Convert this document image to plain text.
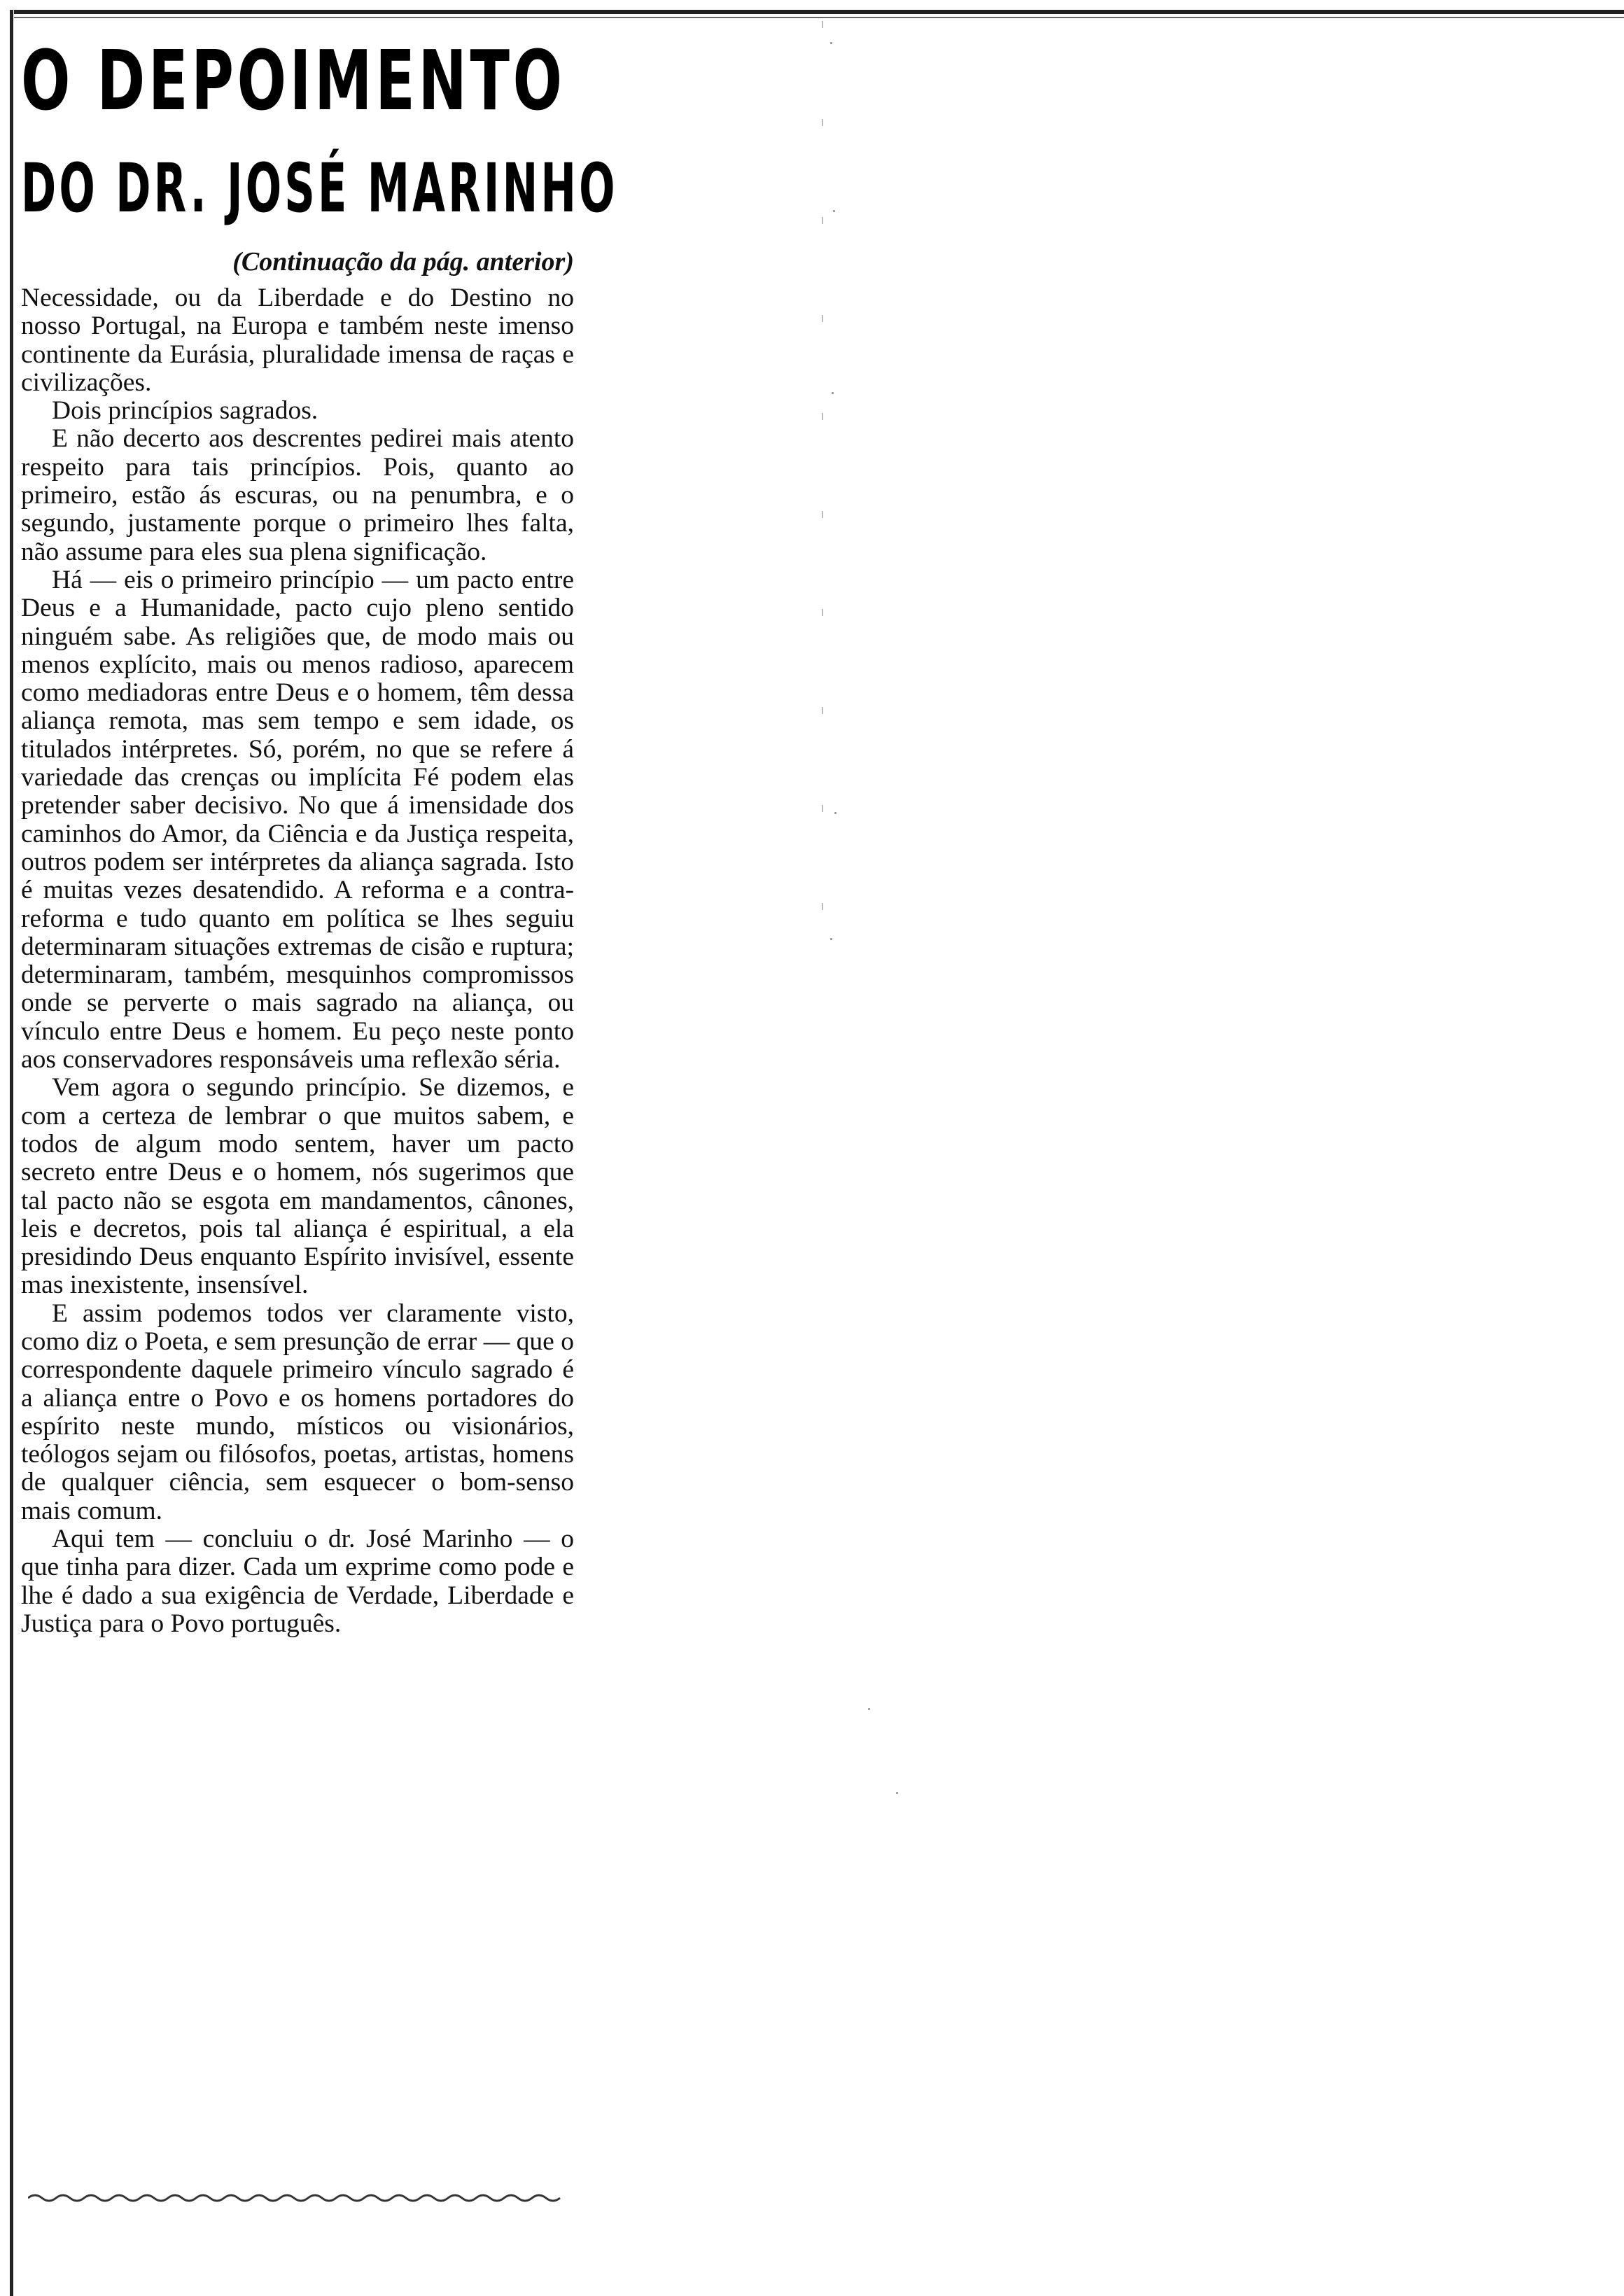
O DEPOIMENTO
DO DR. JOSÉ MARINHO
(Continuação da pág. anterior)

Necessidade, ou da Liberdade e do Destino no nosso Portugal, na Europa e também neste imenso continente da Eurásia, pluralidade imensa de raças e civilizações.

Dois princípios sagrados.

E não decerto aos descrentes pedirei mais atento respeito para tais princípios. Pois, quanto ao primeiro, estão ás escuras, ou na penumbra, e o segundo, justamente porque o primeiro lhes falta, não assume para eles sua plena significação.

Há — eis o primeiro princípio — um pacto entre Deus e a Humanidade, pacto cujo pleno sentido ninguém sabe. As religiões que, de modo mais ou menos explícito, mais ou menos radioso, aparecem como mediadoras entre Deus e o homem, têm dessa aliança remota, mas sem tempo e sem idade, os titulados intérpretes. Só, porém, no que se refere á variedade das crenças ou implícita Fé podem elas pretender saber decisivo. No que á imensidade dos caminhos do Amor, da Ciência e da Justiça respeita, outros podem ser intérpretes da aliança sagrada. Isto é muitas vezes desatendido. A reforma e a contra-reforma e tudo quanto em política se lhes seguiu determinaram situações extremas de cisão e ruptura; determinaram, também, mesquinhos compromissos onde se perverte o mais sagrado na aliança, ou vínculo entre Deus e homem. Eu peço neste ponto aos conservadores responsáveis uma reflexão séria.

Vem agora o segundo princípio. Se dizemos, e com a certeza de lembrar o que muitos sabem, e todos de algum modo sentem, haver um pacto secreto entre Deus e o homem, nós sugerimos que tal pacto não se esgota em mandamentos, cânones, leis e decretos, pois tal aliança é espiritual, a ela presidindo Deus enquanto Espírito invisível, essente mas inexistente, insensível.

E assim podemos todos ver claramente visto, como diz o Poeta, e sem presunção de errar — que o correspondente daquele primeiro vínculo sagrado é a aliança entre o Povo e os homens portadores do espírito neste mundo, místicos ou visionários, teólogos sejam ou filósofos, poetas, artistas, homens de qualquer ciência, sem esquecer o bom-senso mais comum.

Aqui tem — concluiu o dr. José Marinho — o que tinha para dizer. Cada um exprime como pode e lhe é dado a sua exigência de Verdade, Liberdade e Justiça para o Povo português.
